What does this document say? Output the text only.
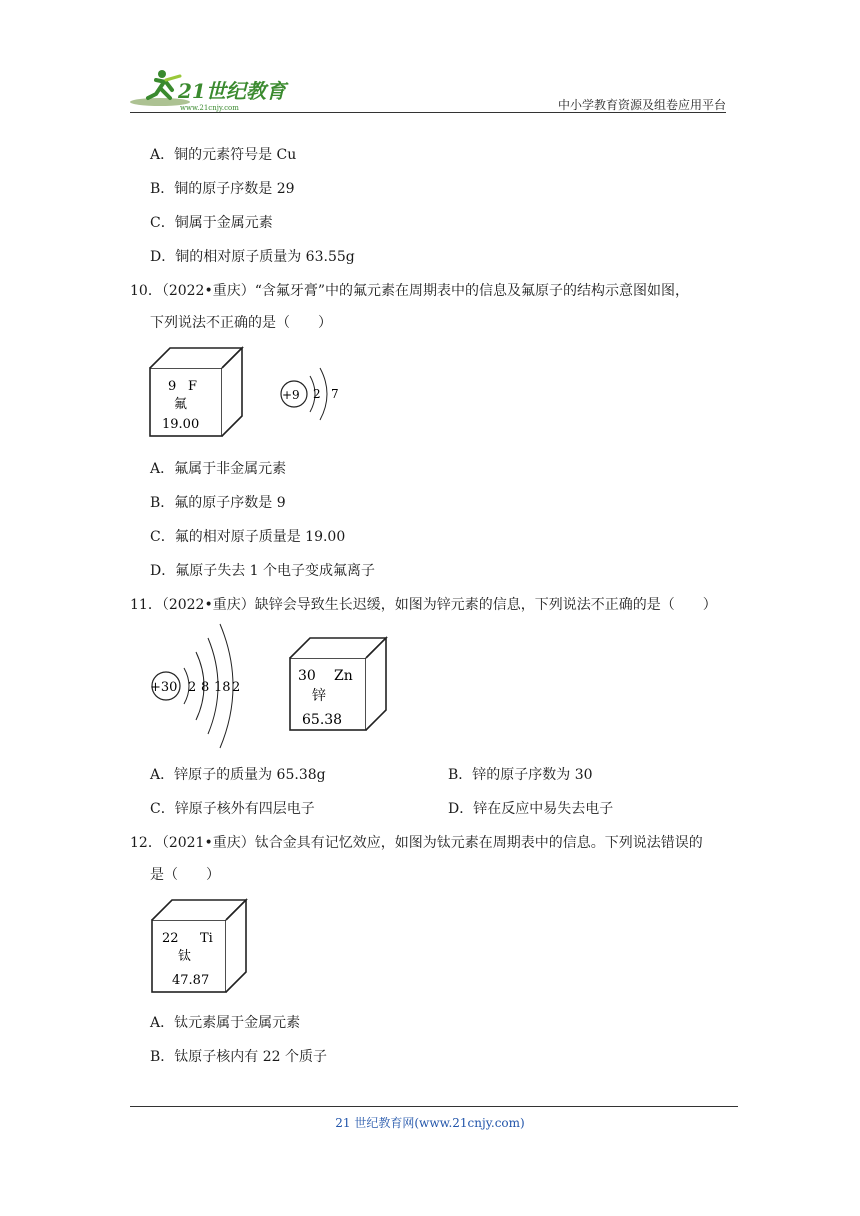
21世纪教育
www.21cnjy.com	中小学教育资源及组卷应用平台
A．铜的元素符号是 Cu
B．铜的原子序数是 29
C．铜属于金属元素
D．铜的相对原子质量为 63.55g
10．（2022•重庆）“含氟牙膏”中的氟元素在周期表中的信息及氟原子的结构示意图如图，
下列说法不正确的是（　　）
9 F
氟
19.00
+9 2 7
A．氟属于非金属元素
B．氟的原子序数是 9
C．氟的相对原子质量是 19.00
D．氟原子失去 1 个电子变成氟离子
11．（2022•重庆）缺锌会导致生长迟缓，如图为锌元素的信息，下列说法不正确的是（　　）
+30 2 8 18 2
30 Zn
锌
65.38
A．锌原子的质量为 65.38g	B．锌的原子序数为 30
C．锌原子核外有四层电子	D．锌在反应中易失去电子
12．（2021•重庆）钛合金具有记忆效应，如图为钛元素在周期表中的信息。下列说法错误的
是（　　）
22 Ti
钛
47.87
A．钛元素属于金属元素
B．钛原子核内有 22 个质子
21 世纪教育网(www.21cnjy.com)
